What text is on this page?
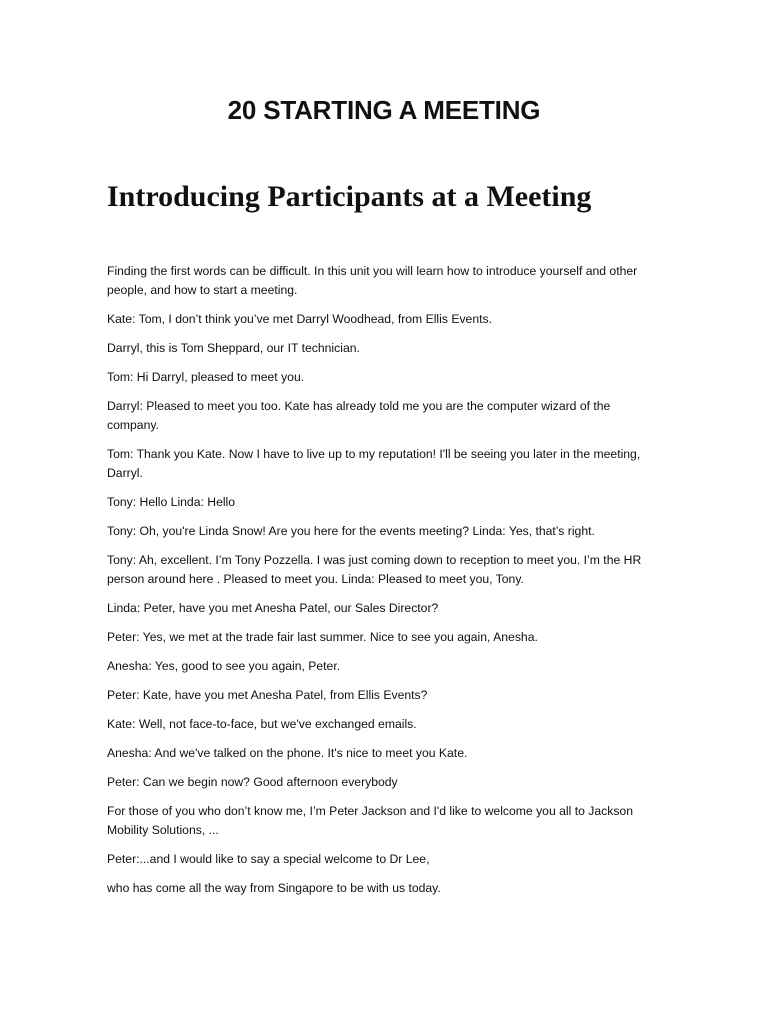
20 STARTING A MEETING
Introducing Participants at a Meeting

Finding the first words can be difficult. In this unit you will learn how to introduce yourself and other people, and how to start a meeting.

Kate: Tom, I don’t think you’ve met Darryl Woodhead, from Ellis Events.

Darryl, this is Tom Sheppard, our IT technician.

Tom: Hi Darryl, pleased to meet you.

Darryl: Pleased to meet you too. Kate has already told me you are the computer wizard of the company.

Tom: Thank you Kate. Now I have to live up to my reputation! I'll be seeing you later in the meeting, Darryl.

Tony: Hello Linda: Hello

Tony: Oh, you're Linda Snow! Are you here for the events meeting? Linda: Yes, that’s right.

Tony: Ah, excellent. I’m Tony Pozzella. I was just coming down to reception to meet you. I’m the HR person around here . Pleased to meet you. Linda: Pleased to meet you, Tony.

Linda: Peter, have you met Anesha Patel, our Sales Director?

Peter: Yes, we met at the trade fair last summer. Nice to see you again, Anesha.

Anesha: Yes, good to see you again, Peter.

Peter: Kate, have you met Anesha Patel, from Ellis Events?

Kate: Well, not face-to-face, but we've exchanged emails.

Anesha: And we've talked on the phone. It's nice to meet you Kate.

Peter: Can we begin now? Good afternoon everybody

For those of you who don’t know me, I’m Peter Jackson and I'd like to welcome you all to Jackson Mobility Solutions, ...

Peter:...and I would like to say a special welcome to Dr Lee,

who has come all the way from Singapore to be with us today.
